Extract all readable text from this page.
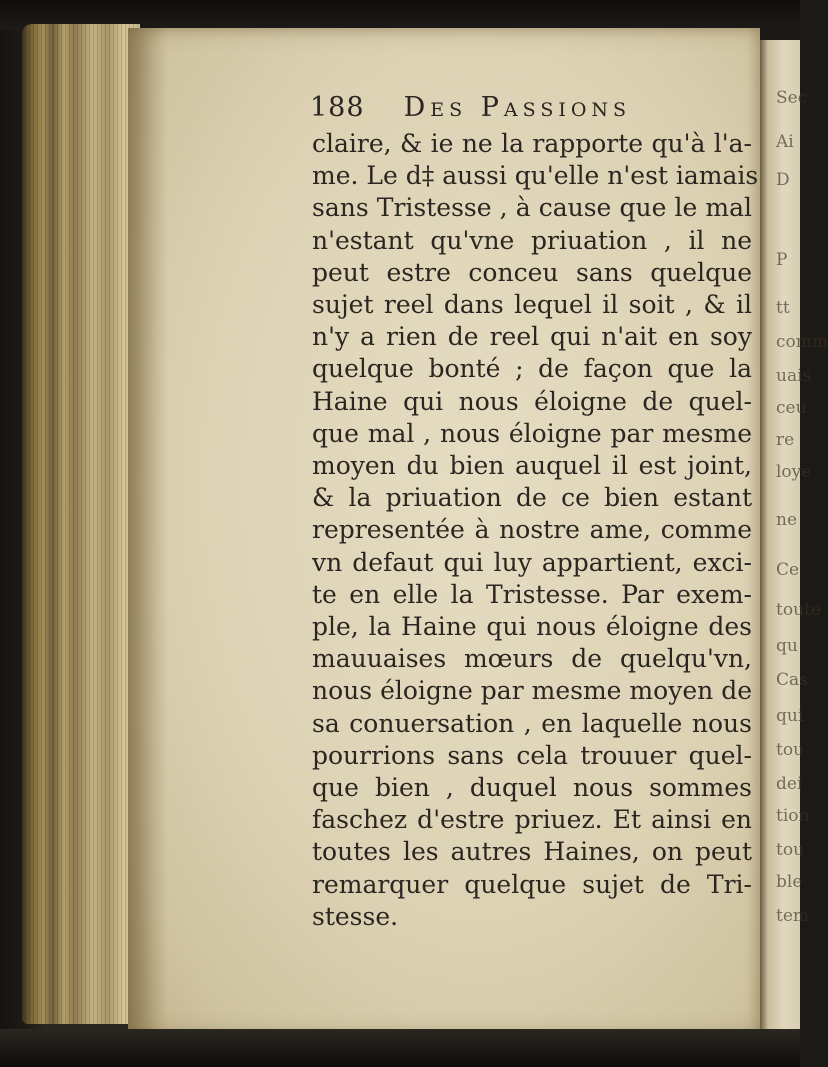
Sec
Ai
D
P
tt
comm
uais
ceu
re
loye
ne
Ce
toute
qu
Cas
qui
tou
dei
tion
tou
ble
tem
188 Des Passions
claire, & ie ne la rapporte qu'à l'a-
me. Le d‡ aussi qu'elle n'est iamais
sans Tristesse , à cause que le mal
n'estant qu'vne priuation , il ne
peut estre conceu sans quelque
sujet reel dans lequel il soit , & il
n'y a rien de reel qui n'ait en soy
quelque bonté ; de façon que la
Haine qui nous éloigne de quel-
que mal , nous éloigne par mesme
moyen du bien auquel il est joint,
& la priuation de ce bien estant
representée à nostre ame, comme
vn defaut qui luy appartient, exci-
te en elle la Tristesse. Par exem-
ple, la Haine qui nous éloigne des
mauuaises mœurs de quelqu'vn,
nous éloigne par mesme moyen de
sa conuersation , en laquelle nous
pourrions sans cela trouuer quel-
que bien , duquel nous sommes
faschez d'estre priuez. Et ainsi en
toutes les autres Haines, on peut
remarquer quelque sujet de Tri-
stesse.
